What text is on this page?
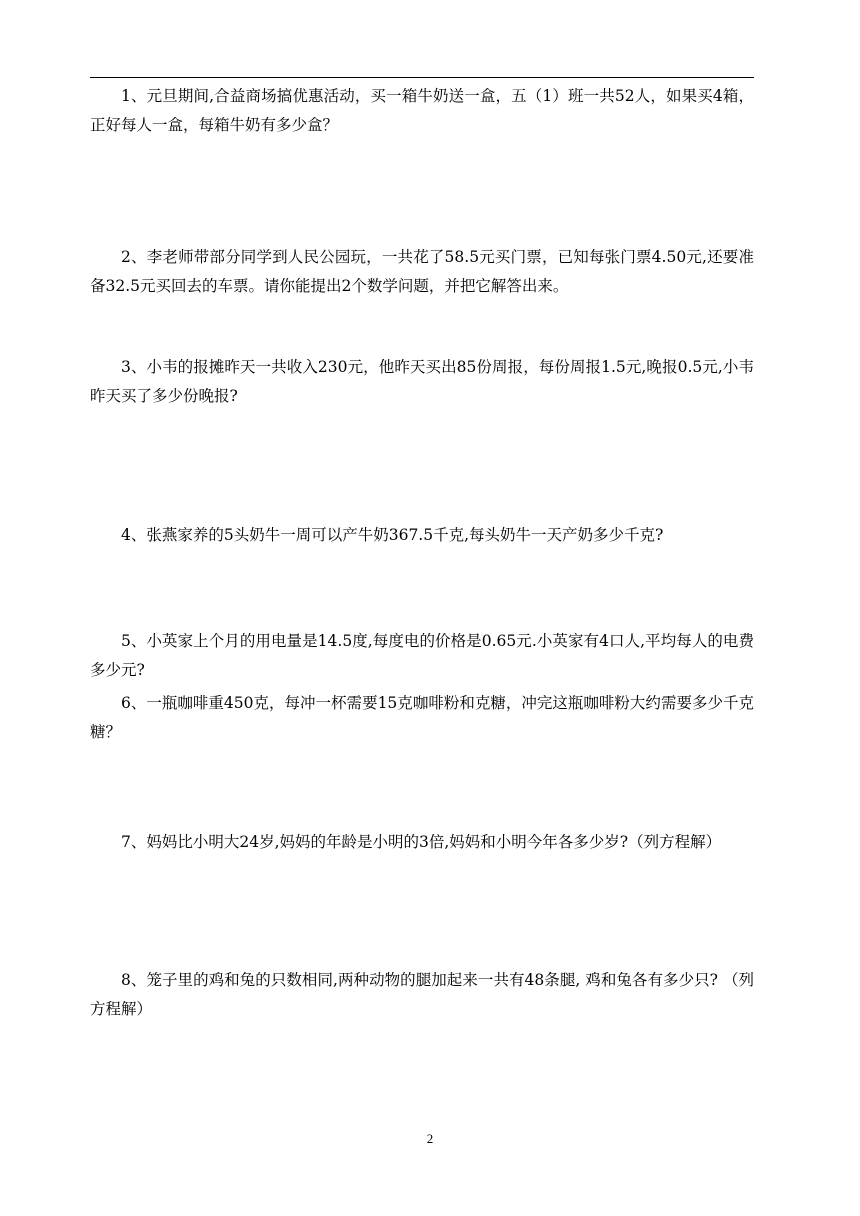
1、元旦期间,合益商场搞优惠活动，买一箱牛奶送一盒，五（1）班一共52人，如果买4箱，正好每人一盒，每箱牛奶有多少盒？
2、李老师带部分同学到人民公园玩，一共花了58.5元买门票，已知每张门票4.50元,还要准备32.5元买回去的车票。请你能提出2个数学问题，并把它解答出来。
3、小韦的报摊昨天一共收入230元，他昨天买出85份周报，每份周报1.5元,晚报0.5元,小韦昨天买了多少份晚报?
4、张燕家养的5头奶牛一周可以产牛奶367.5千克,每头奶牛一天产奶多少千克?
5、小英家上个月的用电量是14.5度,每度电的价格是0.65元.小英家有4口人,平均每人的电费多少元?
6、一瓶咖啡重450克，每冲一杯需要15克咖啡粉和克糖，冲完这瓶咖啡粉大约需要多少千克糖？
7、妈妈比小明大24岁,妈妈的年龄是小明的3倍,妈妈和小明今年各多少岁?（列方程解）
8、笼子里的鸡和兔的只数相同,两种动物的腿加起来一共有48条腿, 鸡和兔各有多少只? （列方程解）
2
